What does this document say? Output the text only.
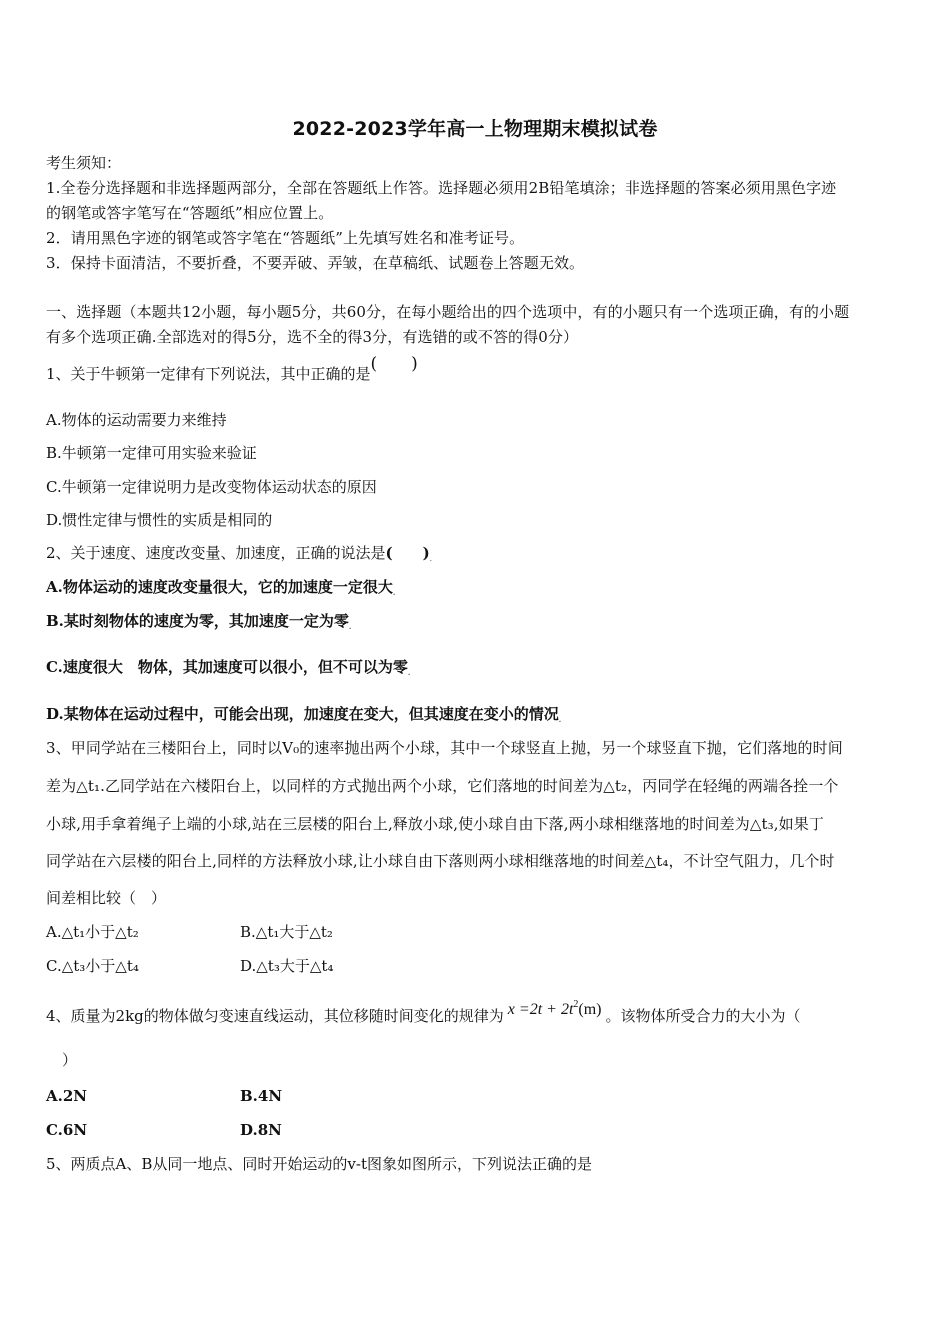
2022-2023学年高一上物理期末模拟试卷
考生须知：
1.全卷分选择题和非选择题两部分，全部在答题纸上作答。选择题必须用2B铅笔填涂；非选择题的答案必须用黑色字迹
的钢笔或答字笔写在“答题纸”相应位置上。
2．请用黑色字迹的钢笔或答字笔在“答题纸”上先填写姓名和准考证号。
3．保持卡面清洁，不要折叠，不要弄破、弄皱，在草稿纸、试题卷上答题无效。
一、选择题（本题共12小题，每小题5分，共60分，在每小题给出的四个选项中，有的小题只有一个选项正确，有的小题
有多个选项正确.全部选对的得5分，选不全的得3分，有选错的或不答的得0分）
1、关于牛顿第一定律有下列说法，其中正确的是(　　)
A.物体的运动需要力来维持
B.牛顿第一定律可用实验来验证
C.牛顿第一定律说明力是改变物体运动状态的原因
D.惯性定律与惯性的实质是相同的
2、关于速度、速度改变量、加速度，正确的说法是(　　)$_.$
A.物体运动的速度改变量很大，它的加速度一定很大$_.$
B.某时刻物体的速度为零，其加速度一定为零$_.$
C.速度很大　物体，其加速度可以很小，但不可以为零$_.$
D.某物体在运动过程中，可能会出现，加速度在变大，但其速度在变小的情况$_.$
3、甲同学站在三楼阳台上，同时以V₀的速率抛出两个小球，其中一个球竖直上抛，另一个球竖直下抛，它们落地的时间
差为△t₁.乙同学站在六楼阳台上，以同样的方式抛出两个小球，它们落地的时间差为△t₂，丙同学在轻绳的两端各拴一个
小球,用手拿着绳子上端的小球,站在三层楼的阳台上,释放小球,使小球自由下落,两小球相继落地的时间差为△t₃,如果丁
同学站在六层楼的阳台上,同样的方法释放小球,让小球自由下落则两小球相继落地的时间差△t₄，不计空气阻力，几个时
间差相比较（　）
A.△t₁小于△t₂	B.△t₁大于△t₂
C.△t₃小于△t₄	D.△t₃大于△t₄
4、质量为2kg的物体做匀变速直线运动，其位移随时间变化的规律为 $x =2t + 2t^2(m)$ 。该物体所受合力的大小为（
）
A.2N	B.4N
C.6N	D.8N
5、两质点A、B从同一地点、同时开始运动的v-t图象如图所示，下列说法正确的是
